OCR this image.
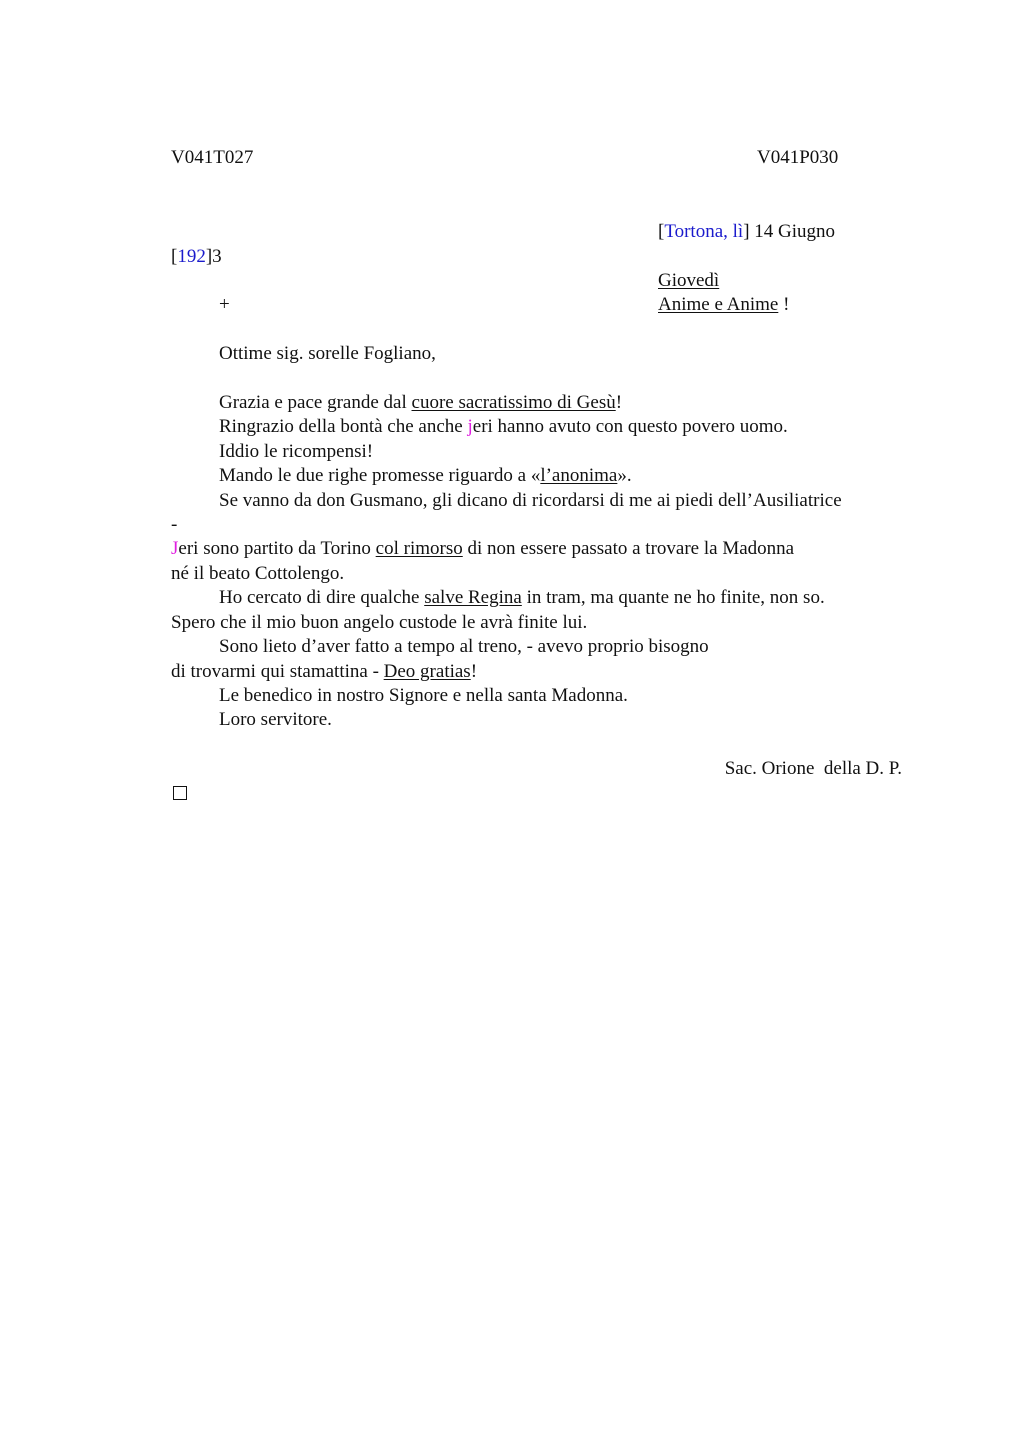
V041T027	V041P030
[Tortona, lì] 14 Giugno
[192]3
Giovedì
+	Anime e Anime !
Ottime sig. sorelle Fogliano,
Grazia e pace grande dal cuore sacratissimo di Gesù!
Ringrazio della bontà che anche jeri hanno avuto con questo povero uomo.
Iddio le ricompensi!
Mando le due righe promesse riguardo a «l’anonima».
Se vanno da don Gusmano, gli dicano di ricordarsi di me ai piedi dell’Ausiliatrice
-
Jeri sono partito da Torino col rimorso di non essere passato a trovare la Madonna
né il beato Cottolengo.
Ho cercato di dire qualche salve Regina in tram, ma quante ne ho finite, non so.
Spero che il mio buon angelo custode le avrà finite lui.
Sono lieto d’aver fatto a tempo al treno, - avevo proprio bisogno
di trovarmi qui stamattina - Deo gratias!
Le benedico in nostro Signore e nella santa Madonna.
Loro servitore.
Sac. Orione  della D. P.
